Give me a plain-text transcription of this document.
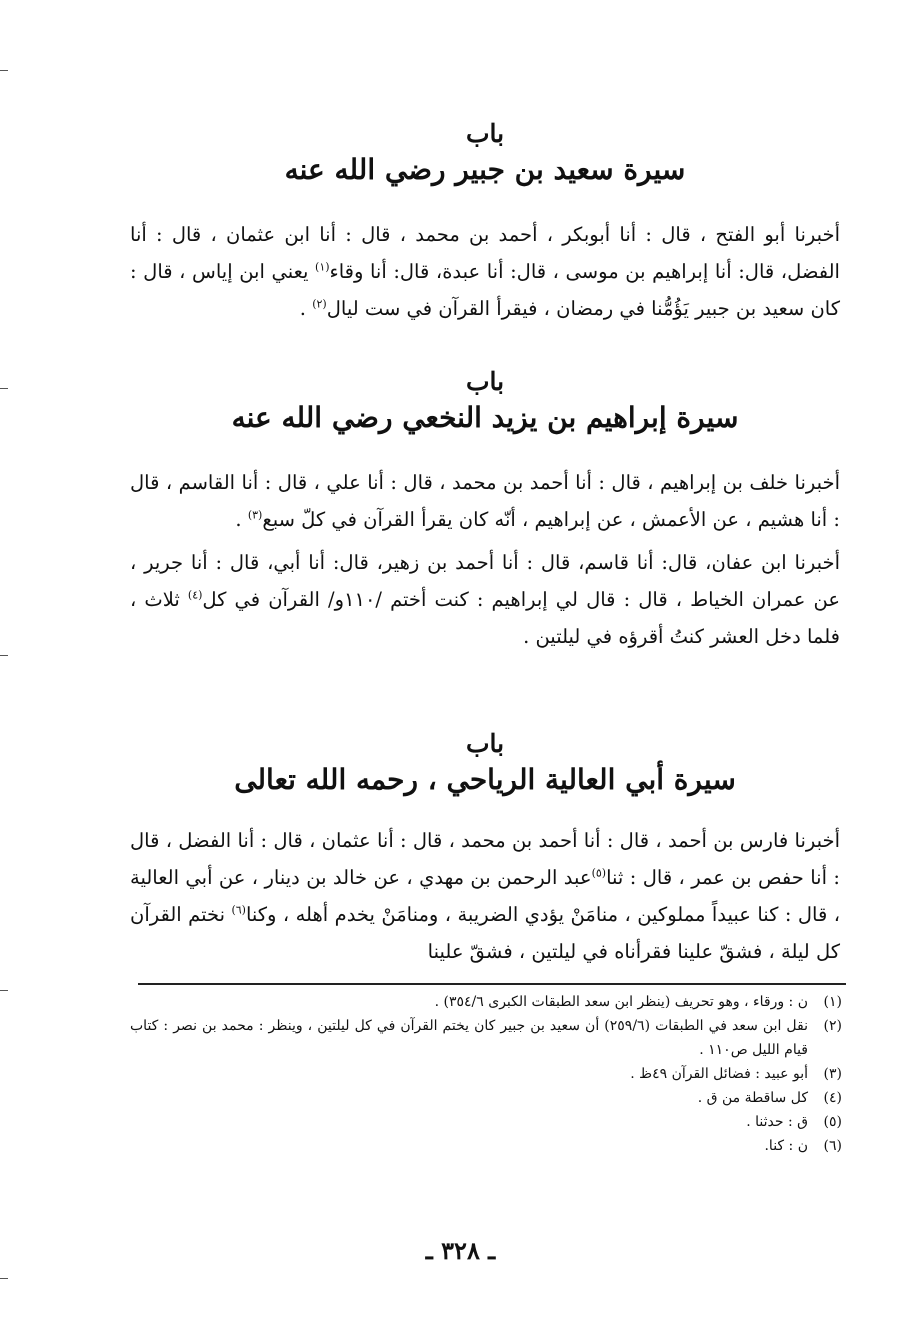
باب
سيرة سعيد بن جبير رضي الله عنه

أخبرنا أبو الفتح ، قال : أنا أبوبكر ، أحمد بن محمد ، قال : أنا ابن عثمان ، قال : أنا الفضل، قال: أنا إبراهيم بن موسى ، قال: أنا عبدة، قال: أنا وقاء$^{(١)}$ يعني ابن إياس ، قال : كان سعيد بن جبير يَؤُمُّنا في رمضان ، فيقرأ القرآن في ست ليال$^{(٢)}$ .

باب
سيرة إبراهيم بن يزيد النخعي رضي الله عنه

أخبرنا خلف بن إبراهيم ، قال : أنا أحمد بن محمد ، قال : أنا علي ، قال : أنا القاسم ، قال : أنا هشيم ، عن الأعمش ، عن إبراهيم ، أنّه كان يقرأ القرآن في كلّ سبع$^{(٣)}$ .

أخبرنا ابن عفان، قال: أنا قاسم، قال : أنا أحمد بن زهير، قال: أنا أبي، قال : أنا جرير ، عن عمران الخياط ، قال : قال لي إبراهيم : كنت أختم /١١٠و/ القرآن في كل$^{(٤)}$ ثلاث ، فلما دخل العشر كنتُ أقرؤه في ليلتين .

باب
سيرة أبي العالية الرياحي ، رحمه الله تعالى

أخبرنا فارس بن أحمد ، قال : أنا أحمد بن محمد ، قال : أنا عثمان ، قال : أنا الفضل ، قال : أنا حفص بن عمر ، قال : ثنا$^{(٥)}$عبد الرحمن بن مهدي ، عن خالد بن دينار ، عن أبي العالية ، قال : كنا عبيداً مملوكين ، منامَنْ يؤدي الضريبة ، ومنامَنْ يخدم أهله ، وكنا$^{(٦)}$ نختم القرآن كل ليلة ، فشقّ علينا فقرأناه في ليلتين ، فشقّ علينا

(١)
ن : ورقاء ، وهو تحريف (ينظر ابن سعد الطبقات الكبرى ٣٥٤/٦) .
(٢)
نقل ابن سعد في الطبقات (٢٥٩/٦) أن سعيد بن جبير كان يختم القرآن في كل ليلتين ، وينظر : محمد بن نصر : كتاب قيام الليل ص١١٠ .
(٣)
أبو عبيد : فضائل القرآن ٤٩ظ .
(٤)
كل ساقطة من ق .
(٥)
ق : حدثنا .
(٦)
ن : كنا.
ـ ٣٢٨ ـ
